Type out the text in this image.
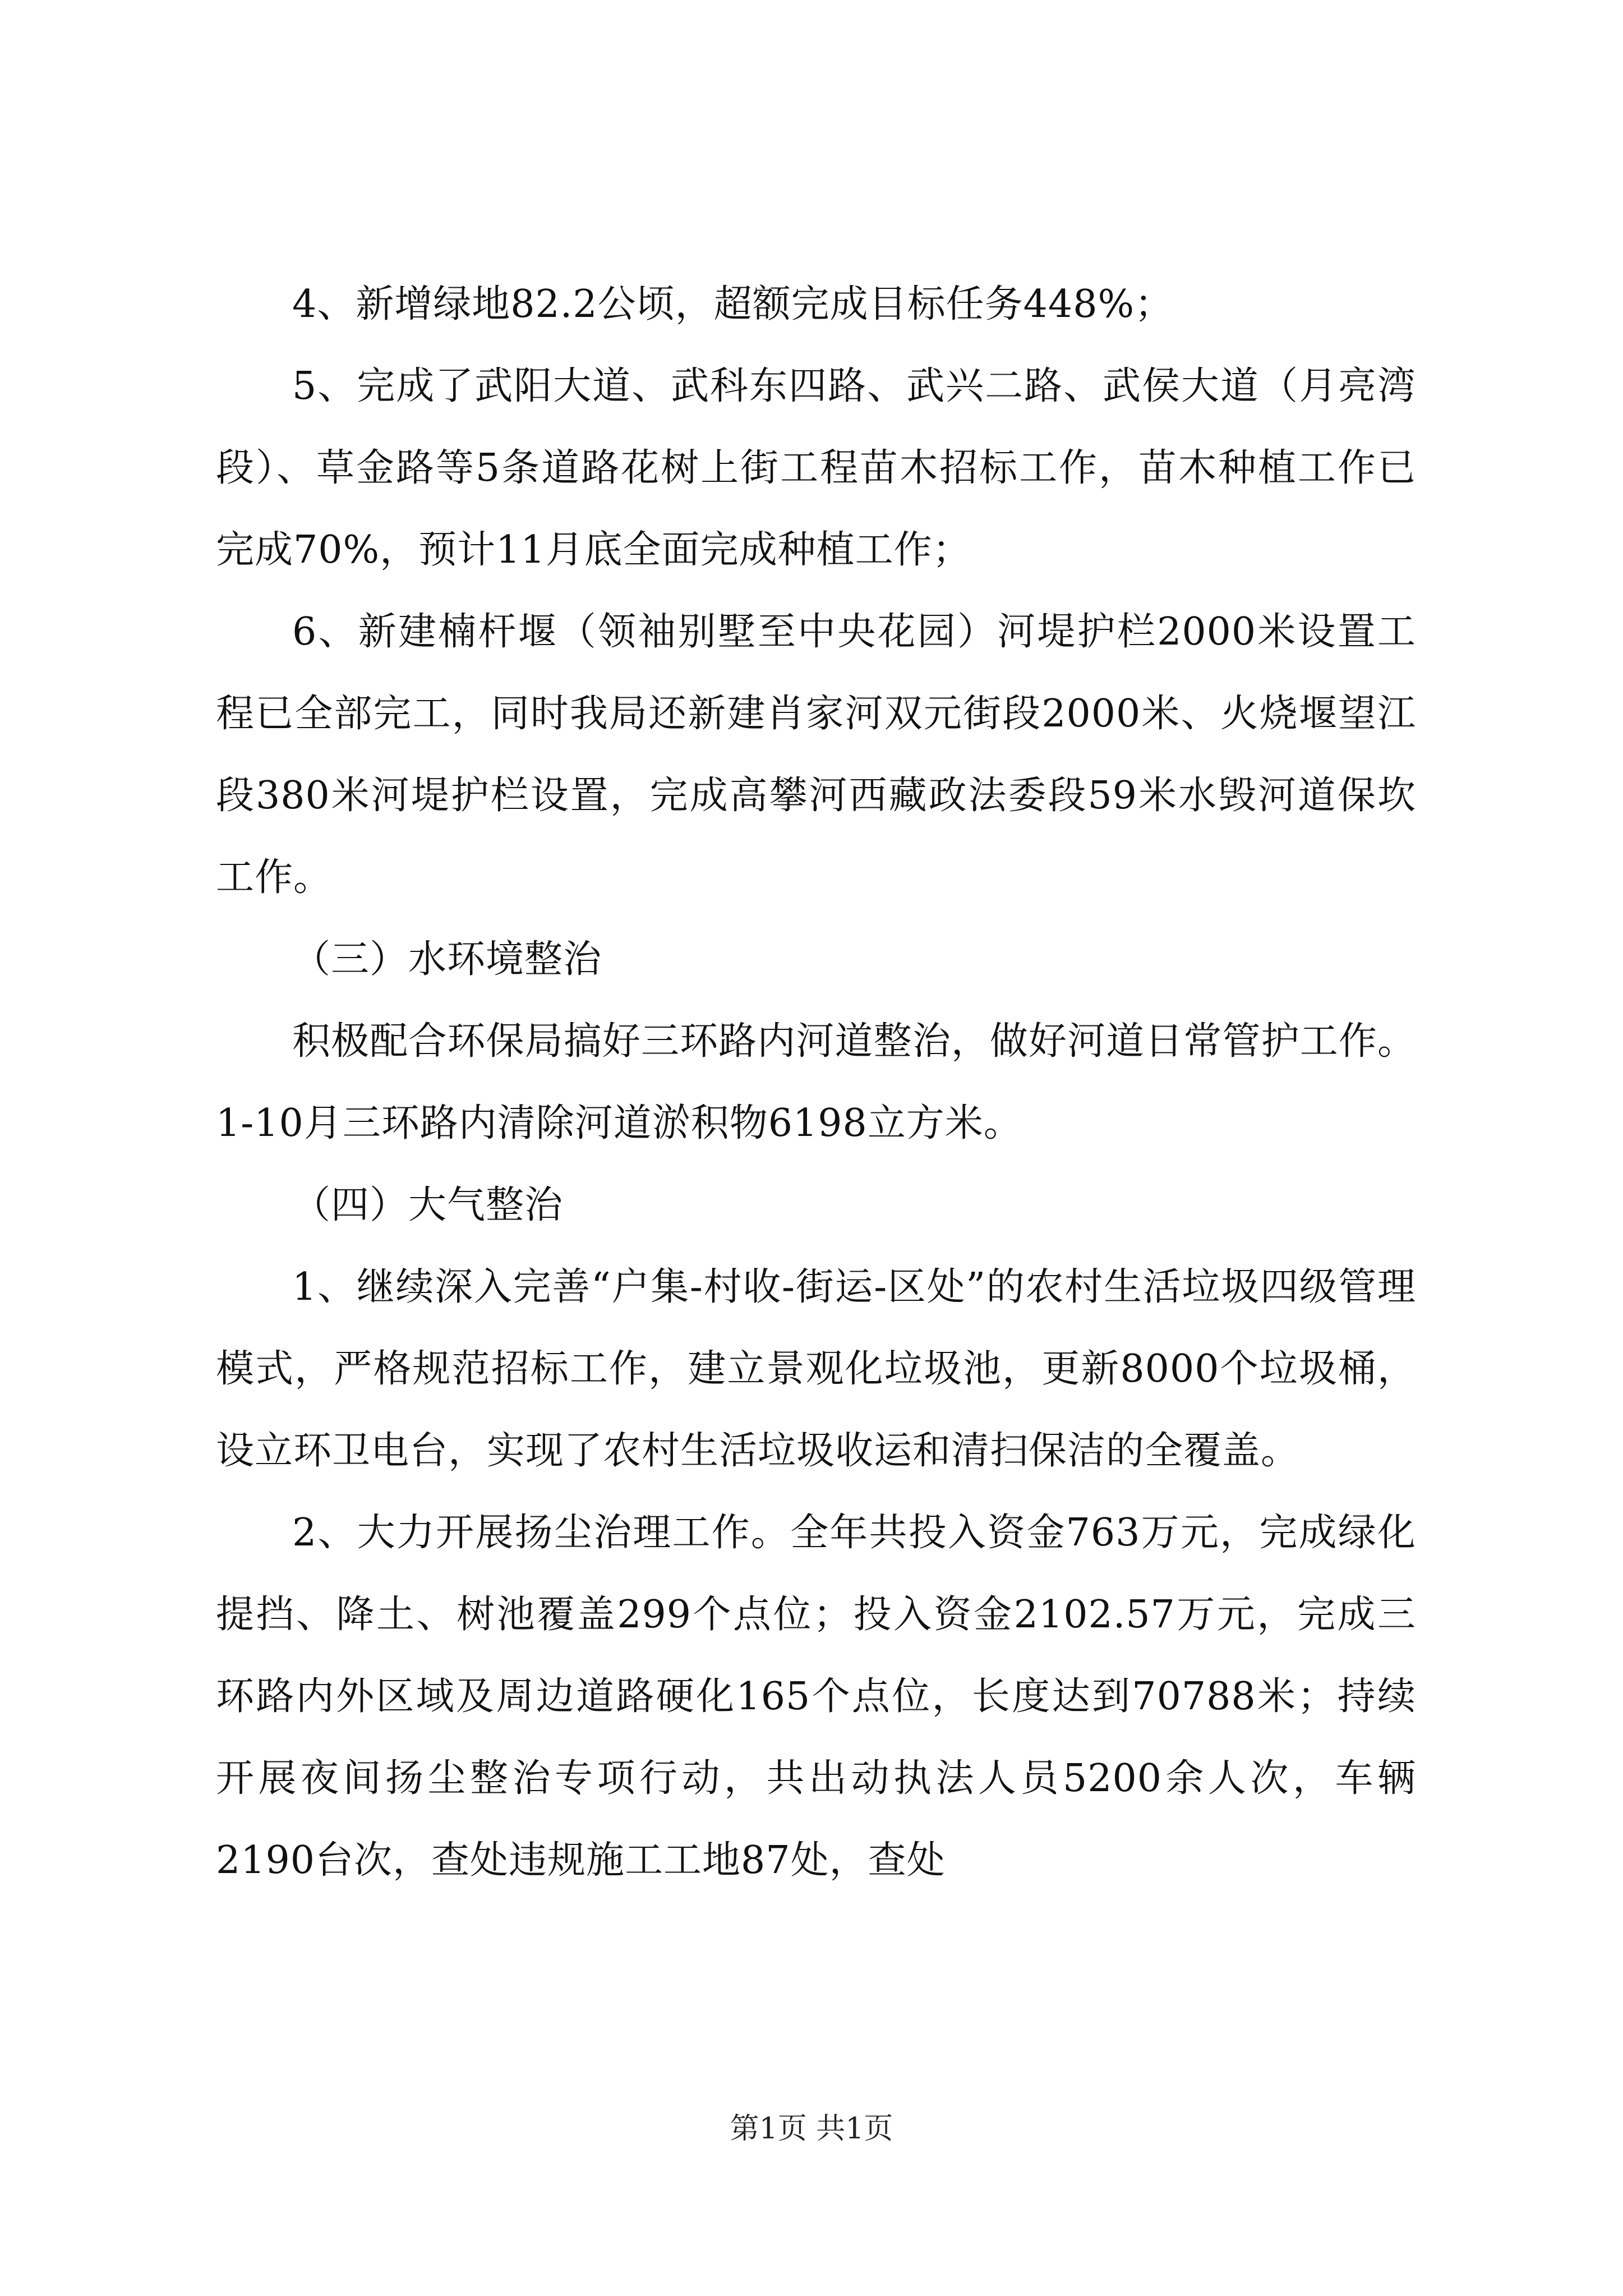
4、新增绿地82.2公顷，超额完成目标任务448%；

5、完成了武阳大道、武科东四路、武兴二路、武侯大道（月亮湾段）、草金路等5条道路花树上街工程苗木招标工作，苗木种植工作已完成70%，预计11月底全面完成种植工作；

6、新建楠杆堰（领袖别墅至中央花园）河堤护栏2000米设置工程已全部完工，同时我局还新建肖家河双元街段2000米、火烧堰望江段380米河堤护栏设置，完成高攀河西藏政法委段59米水毁河道保坎工作。

（三）水环境整治

积极配合环保局搞好三环路内河道整治，做好河道日常管护工作。1-10月三环路内清除河道淤积物6198立方米。

（四）大气整治

1、继续深入完善“户集-村收-街运-区处”的农村生活垃圾四级管理模式，严格规范招标工作，建立景观化垃圾池，更新8000个垃圾桶，设立环卫电台，实现了农村生活垃圾收运和清扫保洁的全覆盖。

2、大力开展扬尘治理工作。全年共投入资金763万元，完成绿化提挡、降土、树池覆盖299个点位；投入资金2102.57万元，完成三环路内外区域及周边道路硬化165个点位，长度达到70788米；持续开展夜间扬尘整治专项行动，共出动执法人员5200余人次，车辆2190台次，查处违规施工工地87处，查处

第1页 共1页
